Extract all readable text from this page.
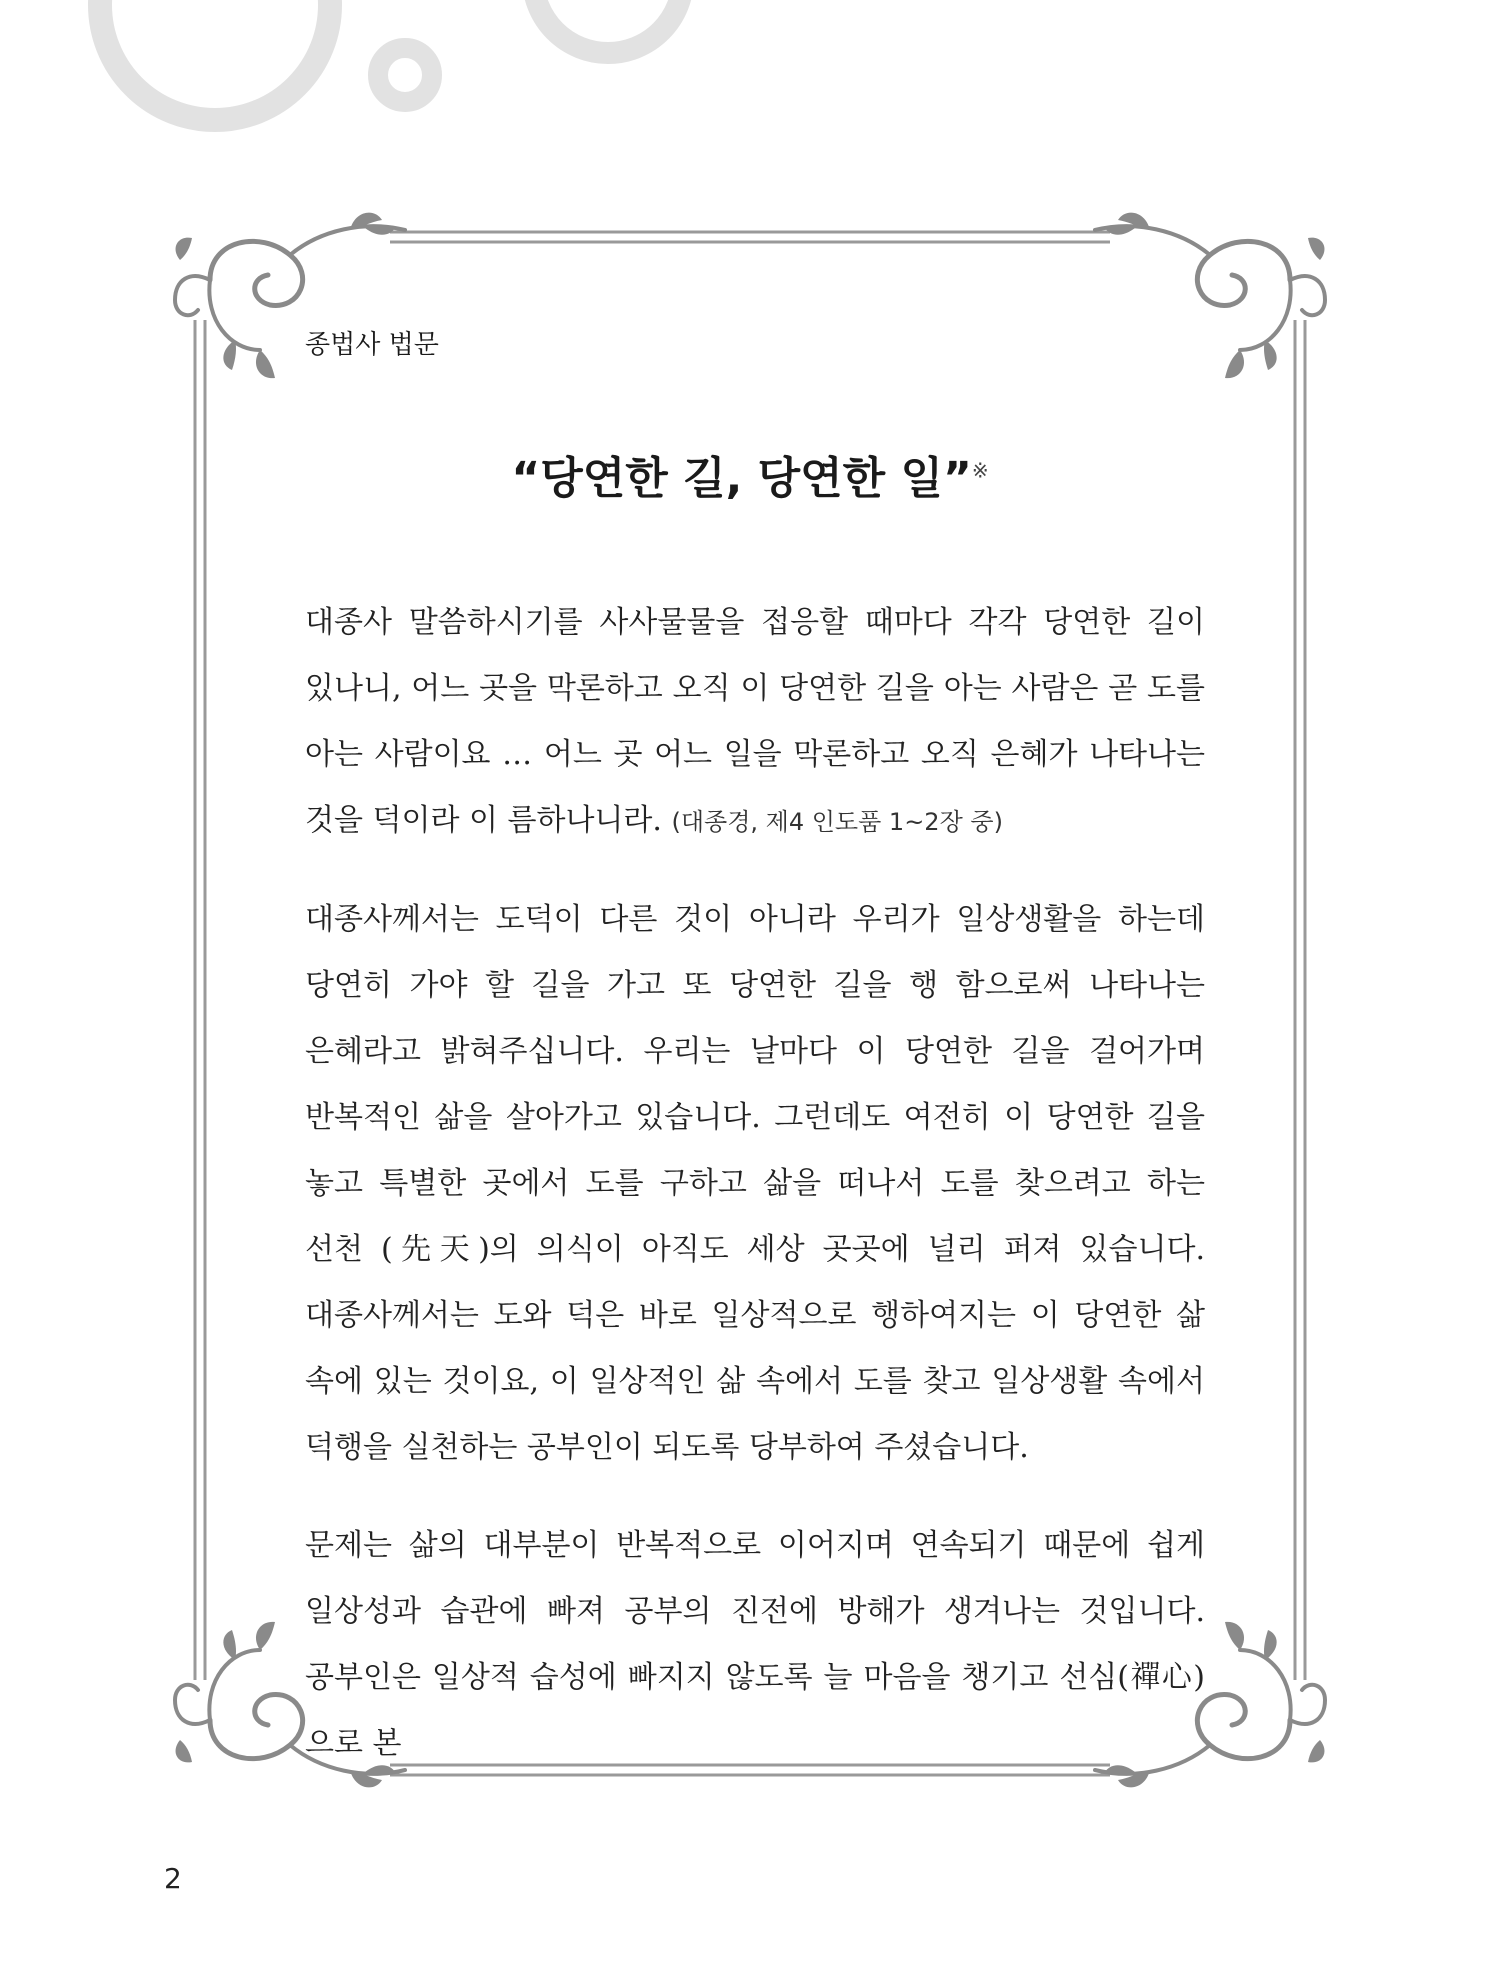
종법사 법문
“당연한 길, 당연한 일”※

대종사 말씀하시기를 사사물물을 접응할 때마다 각각 당연한 길이 있나니, 어느 곳을 막론하고 오직 이 당연한 길을 아는 사람은 곧 도를 아는 사람이요 … 어느 곳 어느 일을 막론하고 오직 은혜가 나타나는 것을 덕이라 이 름하나니라. (대종경, 제4 인도품 1~2장 중)

대종사께서는 도덕이 다른 것이 아니라 우리가 일상생활을 하는데 당연히 가야 할 길을 가고 또 당연한 길을 행 함으로써 나타나는 은혜라고 밝혀주십니다. 우리는 날마다 이 당연한 길을 걸어가며 반복적인 삶을 살아가고 있습니다. 그런데도 여전히 이 당연한 길을 놓고 특별한 곳에서 도를 구하고 삶을 떠나서 도를 찾으려고 하는 선천 (先天)의 의식이 아직도 세상 곳곳에 널리 퍼져 있습니다. 대종사께서는 도와 덕은 바로 일상적으로 행하여지는 이 당연한 삶 속에 있는 것이요, 이 일상적인 삶 속에서 도를 찾고 일상생활 속에서 덕행을 실천하는 공부인이 되도록 당부하여 주셨습니다.

문제는 삶의 대부분이 반복적으로 이어지며 연속되기 때문에 쉽게 일상성과 습관에 빠져 공부의 진전에 방해가 생겨나는 것입니다. 공부인은 일상적 습성에 빠지지 않도록 늘 마음을 챙기고 선심(禪心)으로 본

2
